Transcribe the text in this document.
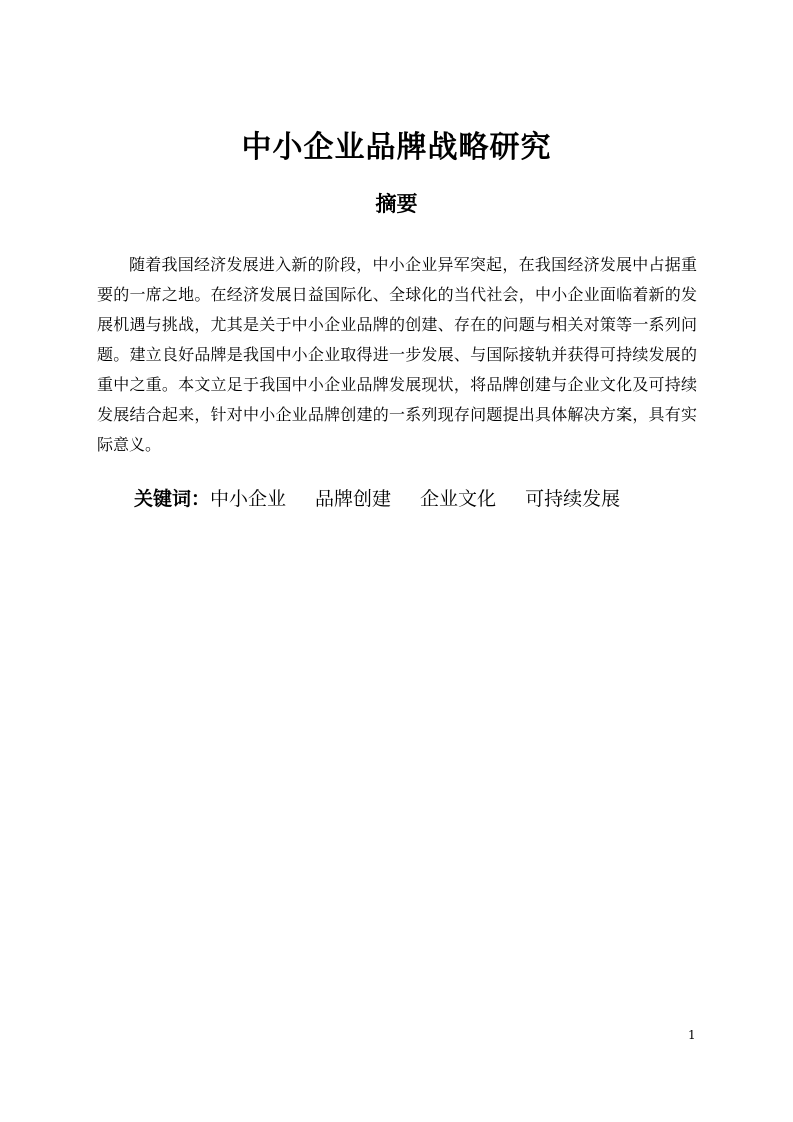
中小企业品牌战略研究
摘要

随着我国经济发展进入新的阶段，中小企业异军突起，在我国经济发展中占据重要的一席之地。在经济发展日益国际化、全球化的当代社会，中小企业面临着新的发展机遇与挑战，尤其是关于中小企业品牌的创建、存在的问题与相关对策等一系列问题。建立良好品牌是我国中小企业取得进一步发展、与国际接轨并获得可持续发展的重中之重。本文立足于我国中小企业品牌发展现状，将品牌创建与企业文化及可持续发展结合起来，针对中小企业品牌创建的一系列现存问题提出具体解决方案，具有实际意义。

关键词：中小企业 品牌创建 企业文化 可持续发展
1
